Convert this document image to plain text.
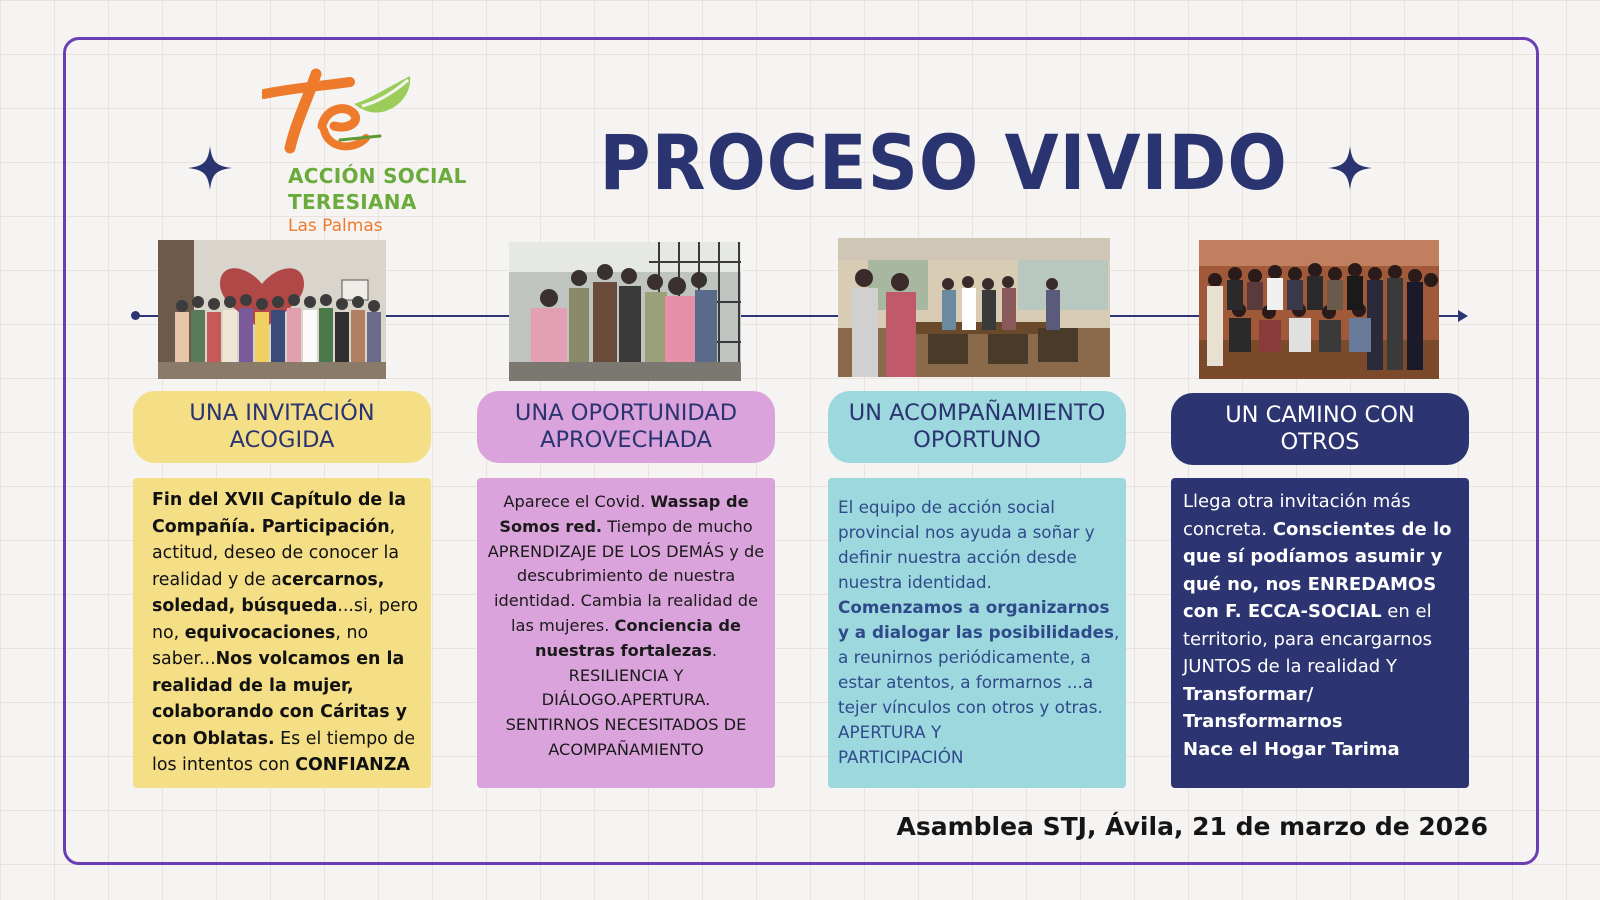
ACCIÓN SOCIAL
TERESIANA
Las Palmas
PROCESO VIVIDO
UNA INVITACIÓN
ACOGIDA
UNA OPORTUNIDAD
APROVECHADA
UN ACOMPAÑAMIENTO
OPORTUNO
UN CAMINO CON
OTROS
Fin del XVII Capítulo de la
Compañía. Participación,
actitud, deseo de conocer la
realidad y de acercarnos,
soledad, búsqueda...si, pero
no, equivocaciones, no
saber...Nos volcamos en la
realidad de la mujer,
colaborando con Cáritas y
con Oblatas. Es el tiempo de
los intentos con CONFIANZA
Aparece el Covid. Wassap de
Somos red. Tiempo de mucho
APRENDIZAJE DE LOS DEMÁS y de
descubrimiento de nuestra
identidad. Cambia la realidad de
las mujeres. Conciencia de
nuestras fortalezas.
RESILIENCIA Y
DIÁLOGO.APERTURA.
SENTIRNOS NECESITADOS DE
ACOMPAÑAMIENTO
El equipo de acción social
provincial nos ayuda a soñar y
definir nuestra acción desde
nuestra identidad.
Comenzamos a organizarnos
y a dialogar las posibilidades,
a reunirnos periódicamente, a
estar atentos, a formarnos ...a
tejer vínculos con otros y otras.
APERTURA Y
PARTICIPACIÓN
Llega otra invitación más
concreta. Conscientes de lo
que sí podíamos asumir y
qué no, nos ENREDAMOS
con F. ECCA-SOCIAL en el
territorio, para encargarnos
JUNTOS de la realidad Y
Transformar/
Transformarnos
Nace el Hogar Tarima
Asamblea STJ, Ávila, 21 de marzo de 2026
